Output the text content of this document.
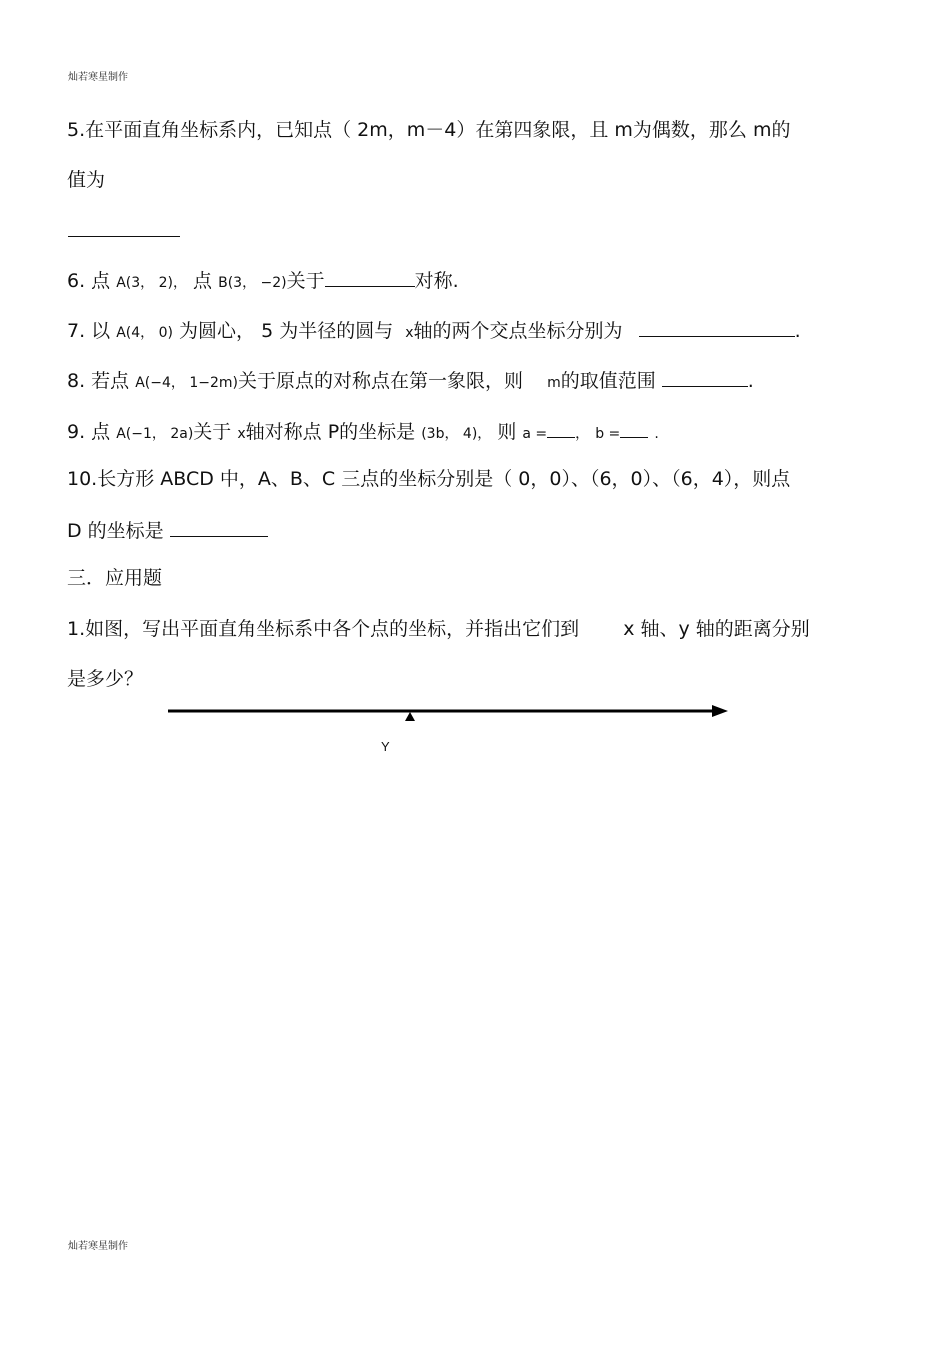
灿若寒星制作
5.在平面直角坐标系内，已知点（ 2m，m－4）在第四象限，且 m为偶数，那么 m的
值为
6. 点 A(3， 2)， 点 B(3， −2)关于	对称.
7. 以 A(4， 0) 为圆心， 5 为半径的圆与 x轴的两个交点坐标分别为	.
8. 若点 A(−4， 1−2m)关于原点的对称点在第一象限，则 m的取值范围	.
9. 点 A(−1， 2a)关于 x轴对称点 P的坐标是 (3b， 4)， 则 a = ， b = .
10.长方形 ABCD 中，A、B、C 三点的坐标分别是（ 0，0）、（6，0）、（6，4），则点
D 的坐标是
三．应用题
1.如图，写出平面直角坐标系中各个点的坐标，并指出它们到 x 轴、y 轴的距离分别
是多少？
Y
灿若寒星制作
